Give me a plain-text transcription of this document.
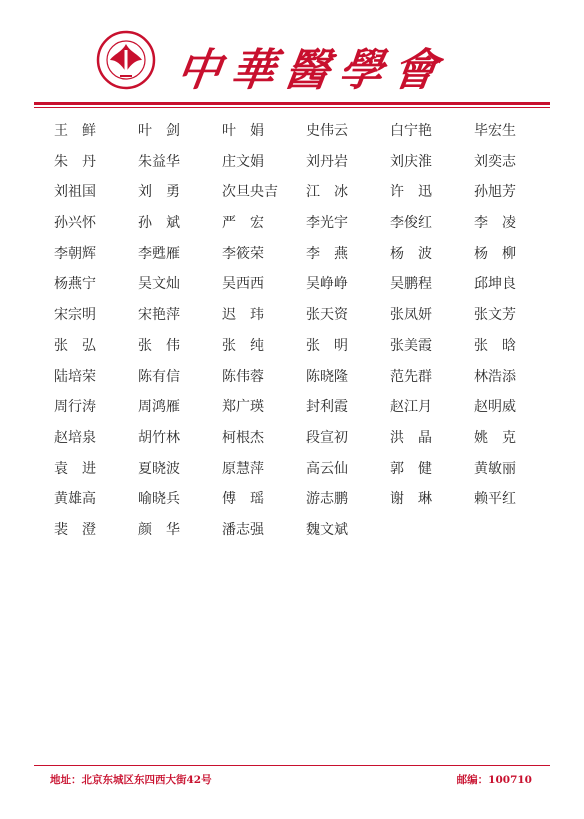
中華醫學會
王　鲜	叶　剑	叶　娟	史伟云	白宁艳	毕宏生
朱　丹	朱益华	庄文娟	刘丹岩	刘庆淮	刘奕志
刘祖国	刘　勇	次旦央吉	江　冰	许　迅	孙旭芳
孙兴怀	孙　斌	严　宏	李光宇	李俊红	李　凌
李朝辉	李甦雁	李筱荣	李　燕	杨　波	杨　柳
杨燕宁	吴文灿	吴西西	吴峥峥	吴鹏程	邱坤良
宋宗明	宋艳萍	迟　玮	张天资	张凤妍	张文芳
张　弘	张　伟	张　纯	张　明	张美霞	张　晗
陆培荣	陈有信	陈伟蓉	陈晓隆	范先群	林浩添
周行涛	周鸿雁	郑广瑛	封利霞	赵江月	赵明威
赵培泉	胡竹林	柯根杰	段宣初	洪　晶	姚　克
袁　进	夏晓波	原慧萍	高云仙	郭　健	黄敏丽
黄雄高	喻晓兵	傅　瑶	游志鹏	谢　琳	赖平红
裴　澄	颜　华	潘志强	魏文斌
地址：北京东城区东四西大街42号	邮编：100710
